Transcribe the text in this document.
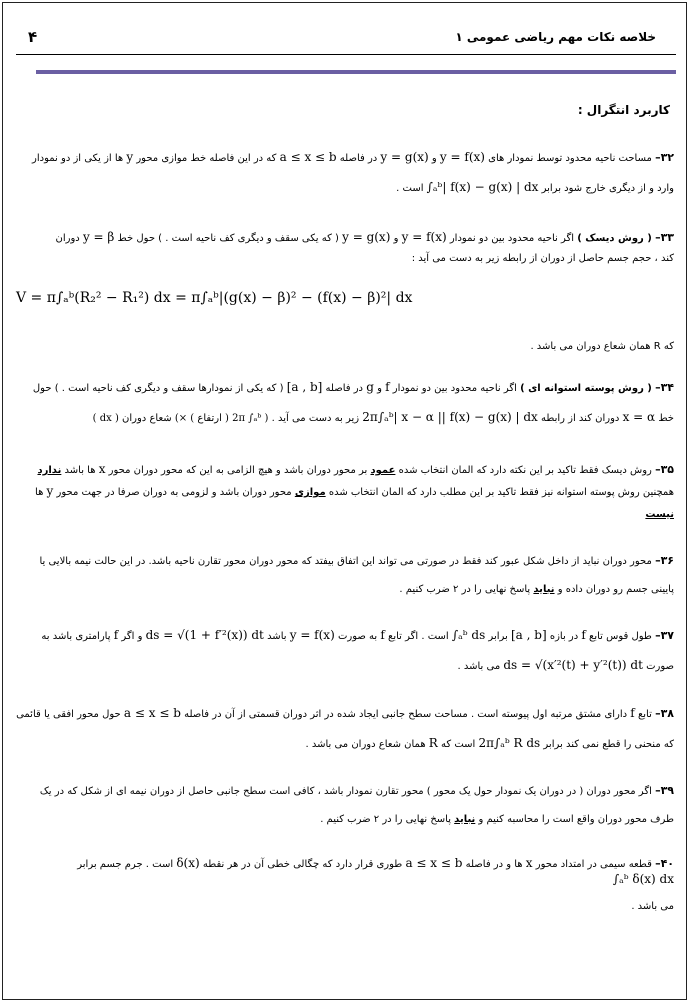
۴	خلاصه نکات مهم ریاضی عمومی ۱
کاربرد انتگرال :
۳۲– مساحت ناحیه محدود توسط نمودار های y = f(x) و y = g(x) در فاصله a ≤ x ≤ b که در این فاصله خط موازی محور y ها از یکی از دو نمودار
وارد و از دیگری خارج شود برابر ∫ₐᵇ| f(x) − g(x) | dx است .
۳۳– ( روش دیسک ) اگر ناحیه محدود بین دو نمودار y = f(x) و y = g(x) ( که یکی سقف و دیگری کف ناحیه است . ) حول خط y = β دوران
کند ، حجم جسم حاصل از دوران از رابطه زیر به دست می آید :
V = π∫ₐᵇ(R₂² − R₁²) dx = π∫ₐᵇ|(g(x) − β)² − (f(x) − β)²| dx
که R همان شعاع دوران می باشد .
۳۴– ( روش پوسته استوانه ای ) اگر ناحیه محدود بین دو نمودار f و g در فاصله [a , b] ( که یکی از نمودارها سقف و دیگری کف ناحیه است . ) حول
خط x = α دوران کند از رابطه 2π∫ₐᵇ| x − α || f(x) − g(x) | dx زیر به دست می آید ( dx ) شعاع دوران (× ( ارتفاع ) 2π ∫ₐᵇ ) .
۳۵– روش دیسک فقط تاکید بر این نکته دارد که المان انتخاب شده عمود بر محور دوران باشد و هیچ الزامی به این که محور دوران محور x ها باشد ندارد
همچنین روش پوسته استوانه نیز فقط تاکید بر این مطلب دارد که المان انتخاب شده موازی محور دوران باشد و لزومی به دوران صرفا در جهت محور y ها
نیست
۳۶– محور دوران نباید از داخل شکل عبور کند فقط در صورتی می تواند این اتفاق بیفتد که محور دوران محور تقارن ناحیه باشد. در این حالت نیمه بالایی یا
پایینی جسم رو دوران داده و نباید پاسخ نهایی را در ۲ ضرب کنیم .
۳۷– طول قوس تابع f در بازه [a , b] برابر ∫ₐᵇ ds است . اگر تابع f به صورت y = f(x) باشد ds = √(1 + f′²(x)) dt و اگر f پارامتری باشد به
صورت ds = √(x′²(t) + y′²(t)) dt می باشد .
۳۸– تابع f دارای مشتق مرتبه اول پیوسته است . مساحت سطح جانبی ایجاد شده در اثر دوران قسمتی از آن در فاصله a ≤ x ≤ b حول محور افقی یا قائمی
که منحنی را قطع نمی کند برابر 2π∫ₐᵇ R ds است که R همان شعاع دوران می باشد .
۳۹– اگر محور دوران ( در دوران یک نمودار حول یک محور ) محور تقارن نمودار باشد ، کافی است سطح جانبی حاصل از دوران نیمه ای از شکل که در یک
طرف محور دوران واقع است را محاسبه کنیم و نباید پاسخ نهایی را در ۲ ضرب کنیم .
۴۰– قطعه سیمی در امتداد محور x ها و در فاصله a ≤ x ≤ b طوری قرار دارد که چگالی خطی آن در هر نقطه δ(x) است . جرم جسم برابر ∫ₐᵇ δ(x) dx
می باشد .
